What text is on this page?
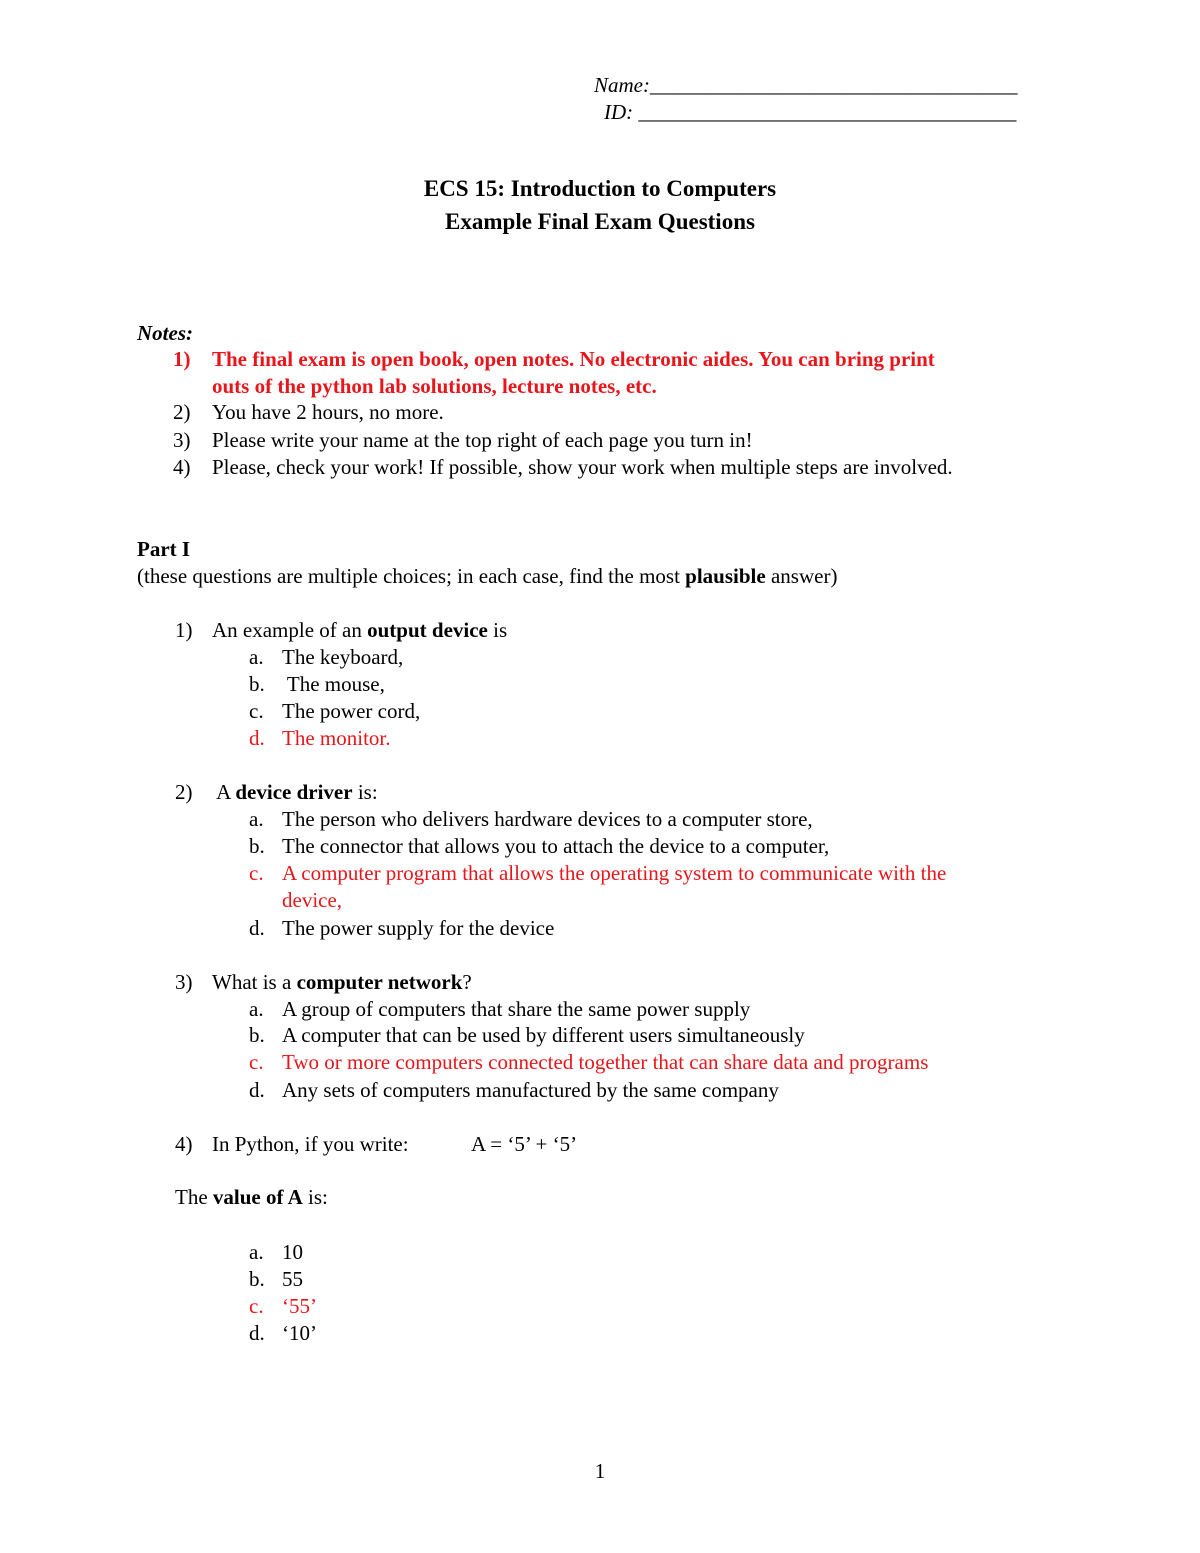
Name:___________________________________
ID: ____________________________________
ECS 15: Introduction to Computers
Example Final Exam Questions
Notes:
1) The final exam is open book, open notes. No electronic aides. You can bring print
outs of the python lab solutions, lecture notes, etc.
2) You have 2 hours, no more.
3) Please write your name at the top right of each page you turn in!
4) Please, check your work! If possible, show your work when multiple steps are involved.
Part I
(these questions are multiple choices; in each case, find the most plausible answer)
1) An example of an output device is
a. The keyboard,
b. The mouse,
c. The power cord,
d. The monitor.
2) A device driver is:
a. The person who delivers hardware devices to a computer store,
b. The connector that allows you to attach the device to a computer,
c. A computer program that allows the operating system to communicate with the
device,
d. The power supply for the device
3) What is a computer network?
a. A group of computers that share the same power supply
b. A computer that can be used by different users simultaneously
c. Two or more computers connected together that can share data and programs
d. Any sets of computers manufactured by the same company
4) In Python, if you write:	A = ‘5’ + ‘5’
The value of A is:
a. 10
b. 55
c. ‘55’
d. ‘10’
1
